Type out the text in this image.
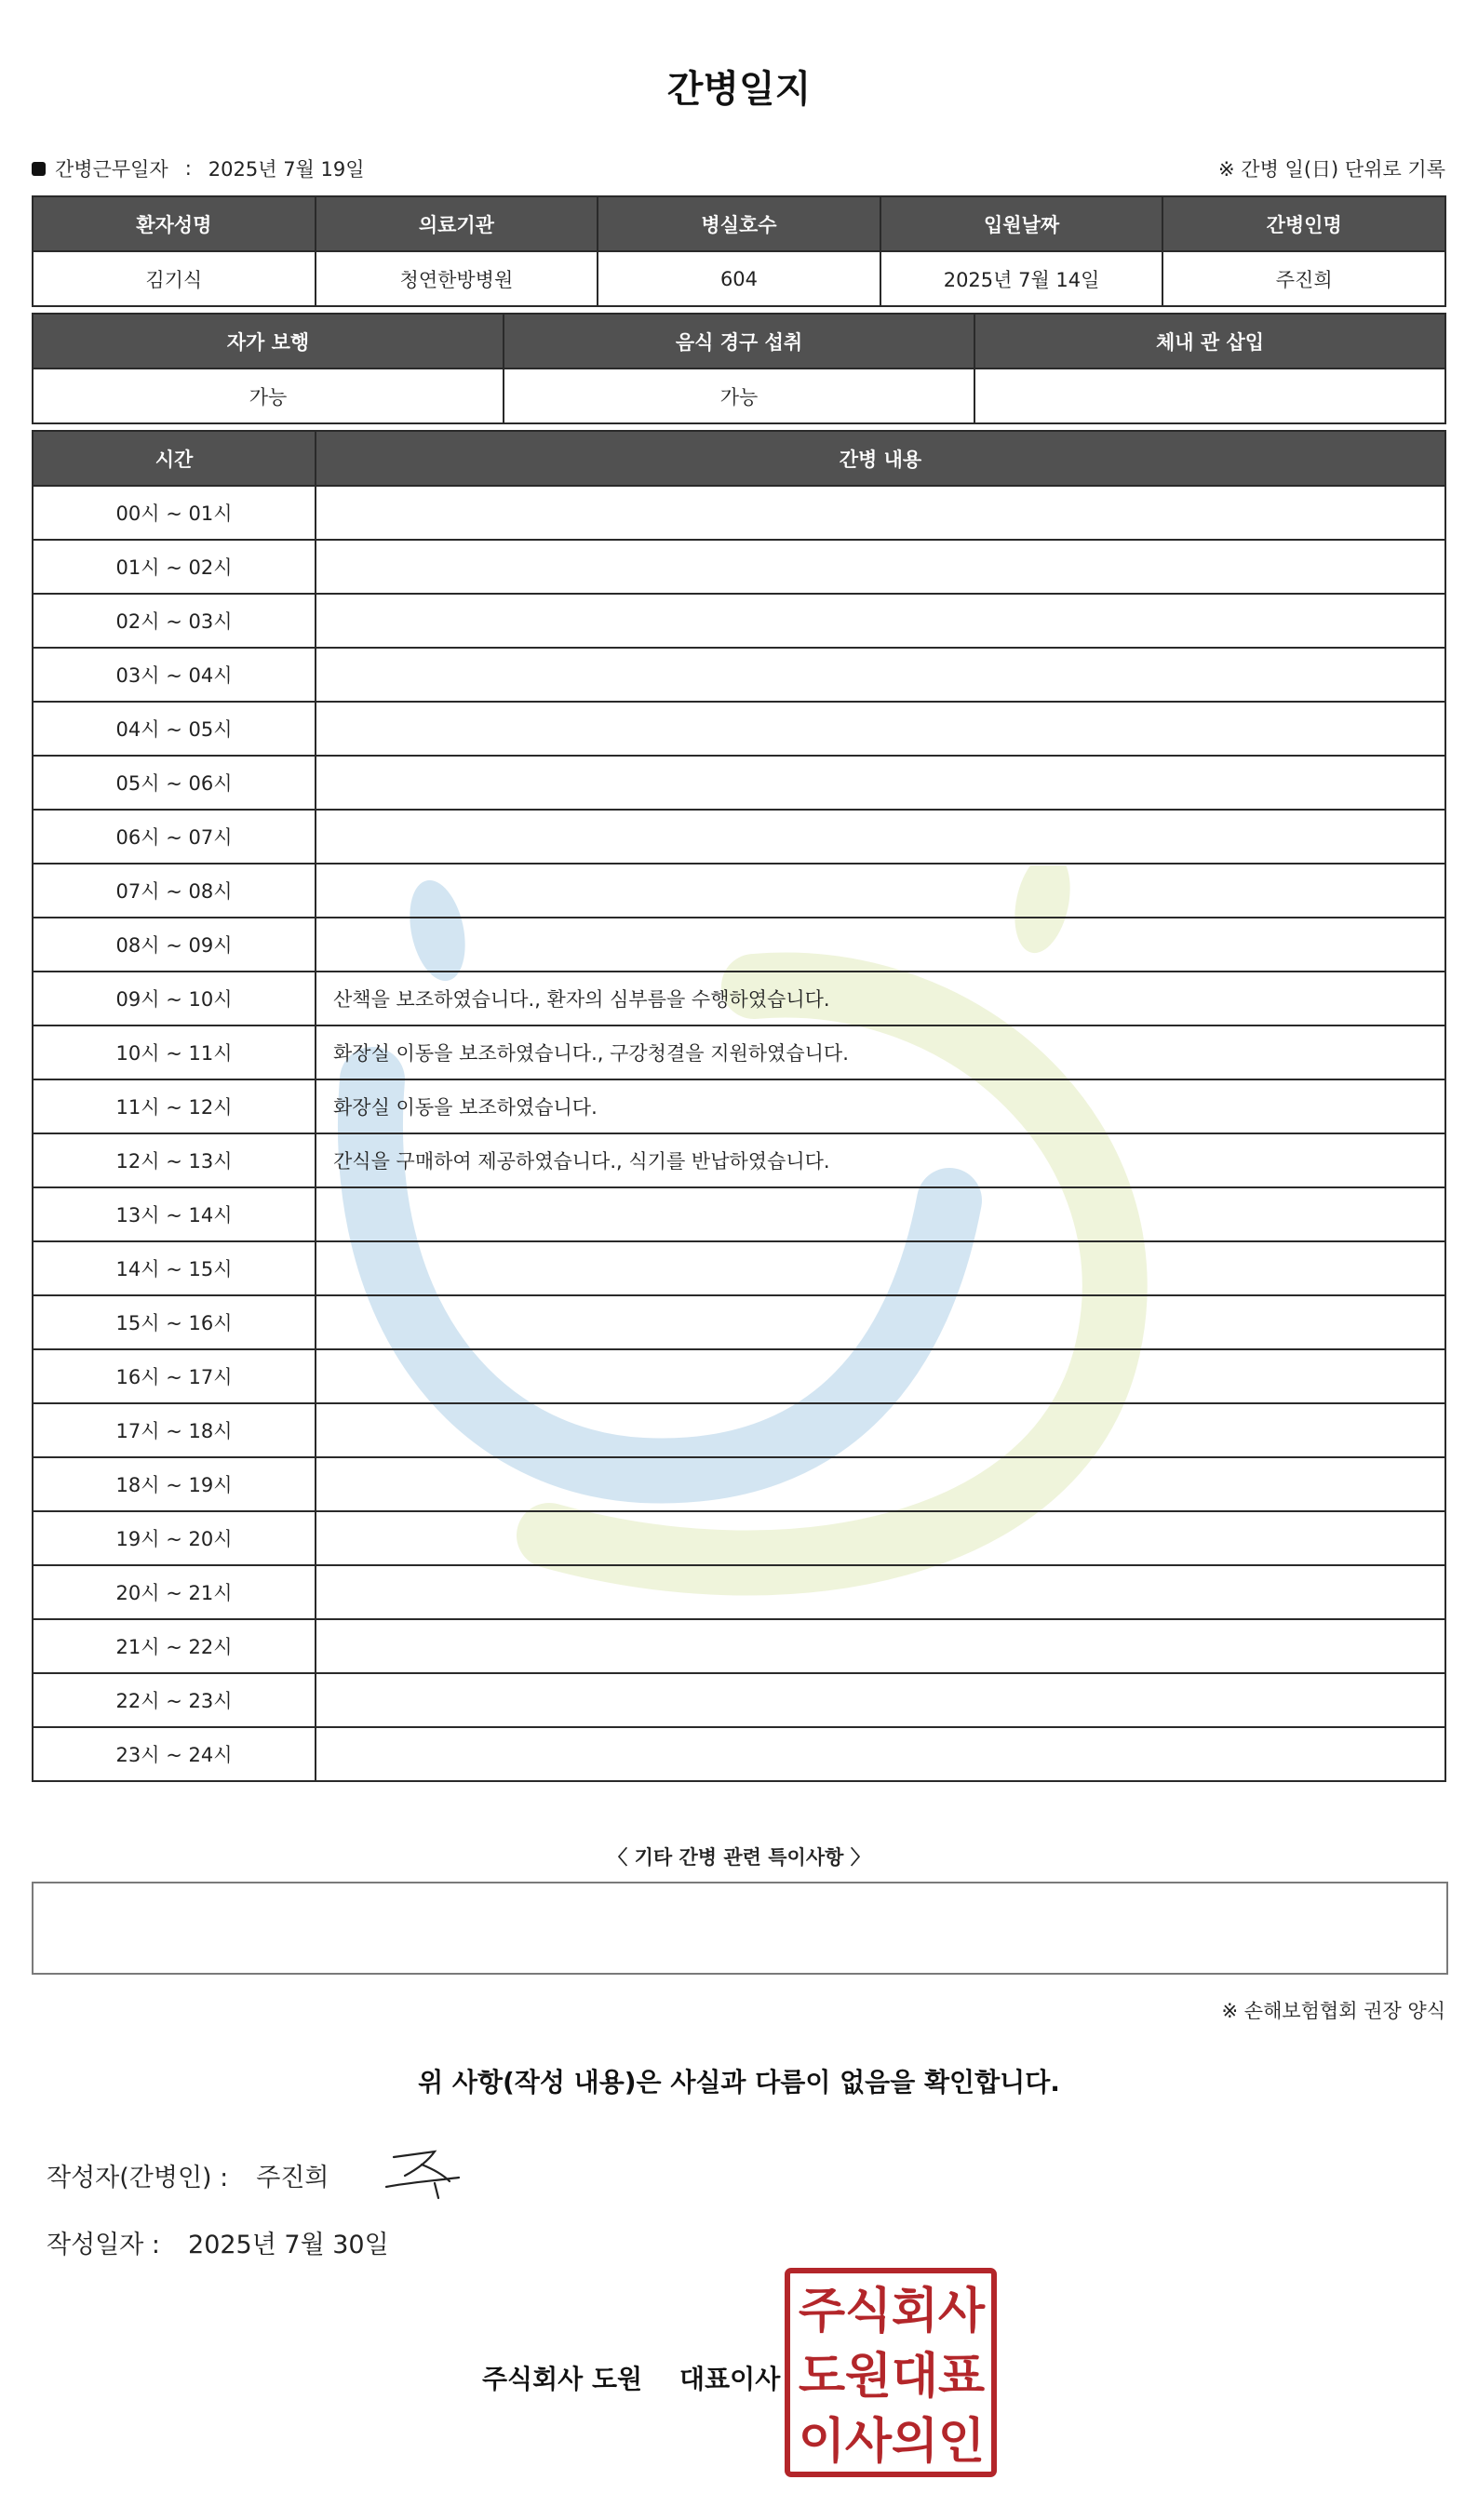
간병일지
간병근무일자 : 2025년 7월 19일	※ 간병 일(日) 단위로 기록
환자성명	의료기관	병실호수	입원날짜	간병인명
김기식	청연한방병원	604	2025년 7월 14일	주진희
자가 보행	음식 경구 섭취	체내 관 삽입
가능	가능	
시간	간병 내용
00시 ~ 01시	
01시 ~ 02시	
02시 ~ 03시	
03시 ~ 04시	
04시 ~ 05시	
05시 ~ 06시	
06시 ~ 07시	
07시 ~ 08시	
08시 ~ 09시	
09시 ~ 10시	산책을 보조하였습니다., 환자의 심부름을 수행하였습니다.
10시 ~ 11시	화장실 이동을 보조하였습니다., 구강청결을 지원하였습니다.
11시 ~ 12시	화장실 이동을 보조하였습니다.
12시 ~ 13시	간식을 구매하여 제공하였습니다., 식기를 반납하였습니다.
13시 ~ 14시	
14시 ~ 15시	
15시 ~ 16시	
16시 ~ 17시	
17시 ~ 18시	
18시 ~ 19시	
19시 ~ 20시	
20시 ~ 21시	
21시 ~ 22시	
22시 ~ 23시	
23시 ~ 24시	
〈 기타 간병 관련 특이사항 〉
※ 손해보험협회 권장 양식
위 사항(작성 내용)은 사실과 다름이 없음을 확인합니다.
작성자(간병인) : 주진희
작성일자 : 2025년 7월 30일
주식회사 도원 대표이사
주 식 회 사
도 원 대 표
이 사 의 인
